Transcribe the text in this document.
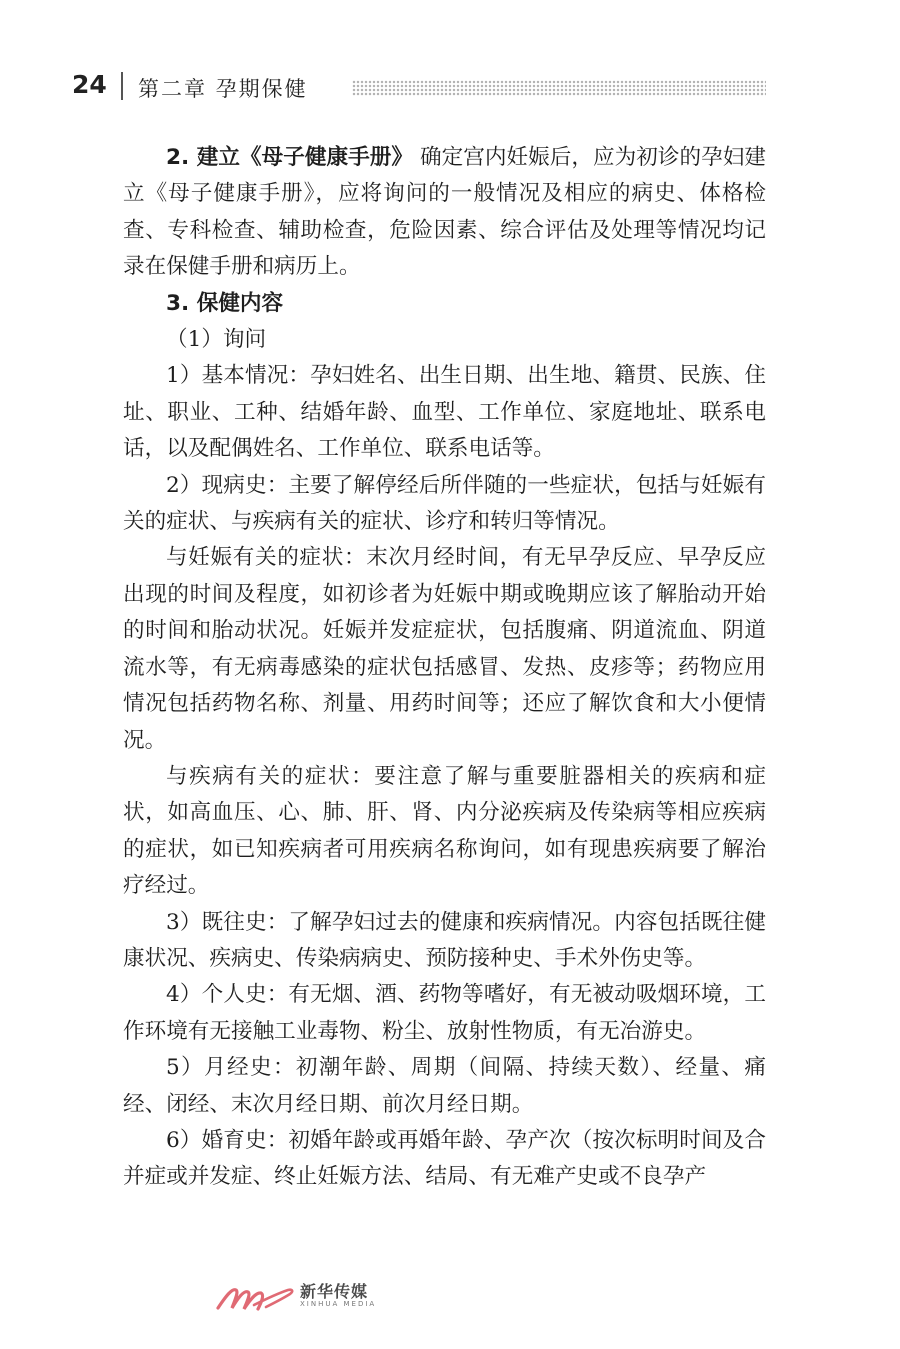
24 第二章 孕期保健

2. 建立《母子健康手册》 确定宫内妊娠后，应为初诊的孕妇建立《母子健康手册》，应将询问的一般情况及相应的病史、体格检查、专科检查、辅助检查，危险因素、综合评估及处理等情况均记录在保健手册和病历上。

3. 保健内容

（1）询问

1）基本情况：孕妇姓名、出生日期、出生地、籍贯、民族、住址、职业、工种、结婚年龄、血型、工作单位、家庭地址、联系电话，以及配偶姓名、工作单位、联系电话等。

2）现病史：主要了解停经后所伴随的一些症状，包括与妊娠有关的症状、与疾病有关的症状、诊疗和转归等情况。

与妊娠有关的症状：末次月经时间，有无早孕反应、早孕反应出现的时间及程度，如初诊者为妊娠中期或晚期应该了解胎动开始的时间和胎动状况。妊娠并发症症状，包括腹痛、阴道流血、阴道流水等，有无病毒感染的症状包括感冒、发热、皮疹等；药物应用情况包括药物名称、剂量、用药时间等；还应了解饮食和大小便情况。

与疾病有关的症状：要注意了解与重要脏器相关的疾病和症状，如高血压、心、肺、肝、肾、内分泌疾病及传染病等相应疾病的症状，如已知疾病者可用疾病名称询问，如有现患疾病要了解治疗经过。

3）既往史：了解孕妇过去的健康和疾病情况。内容包括既往健康状况、疾病史、传染病病史、预防接种史、手术外伤史等。

4）个人史：有无烟、酒、药物等嗜好，有无被动吸烟环境，工作环境有无接触工业毒物、粉尘、放射性物质，有无冶游史。

5）月经史：初潮年龄、周期（间隔、持续天数）、经量、痛经、闭经、末次月经日期、前次月经日期。

6）婚育史：初婚年龄或再婚年龄、孕产次（按次标明时间及合并症或并发症、终止妊娠方法、结局、有无难产史或不良孕产

新华传媒
XINHUA MEDIA
